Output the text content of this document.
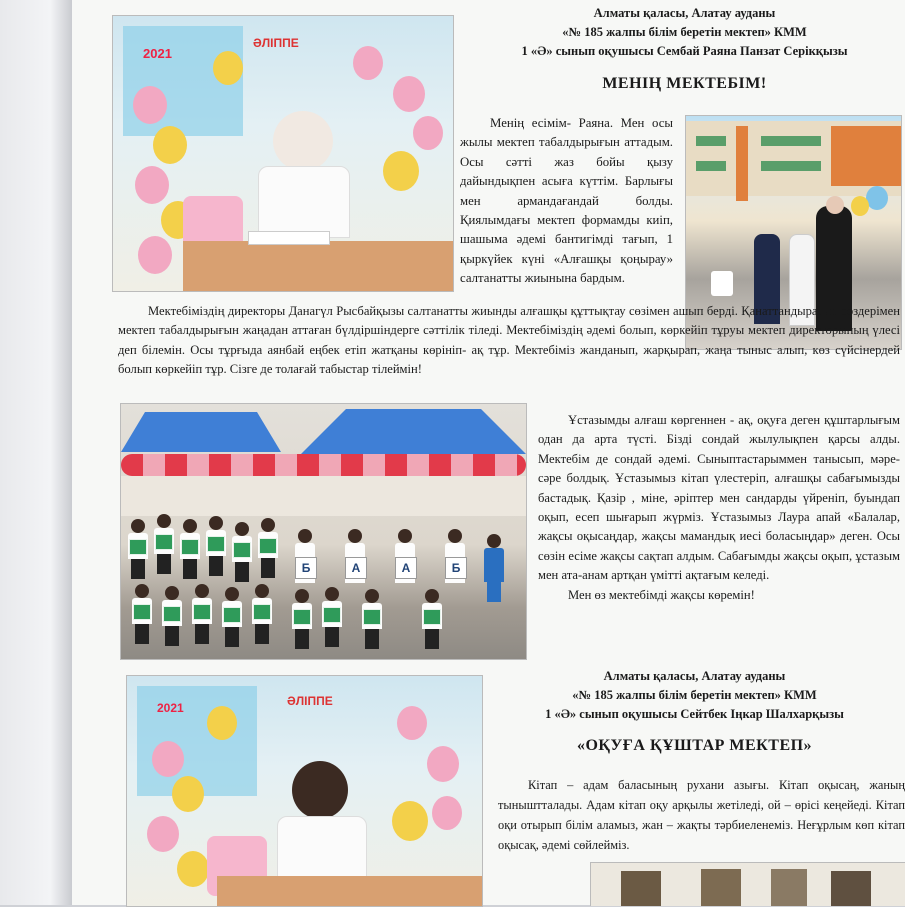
2021
ӘЛІППЕ
Алматы қаласы, Алатау ауданы
«№ 185 жалпы білім беретін мектеп» КММ
1 «Ә» сынып оқушысы Сембай Раяна Панзат Серікқызы
МЕНІҢ МЕКТЕБІМ!

Менің есімім- Раяна. Мен осы жылы мектеп табалдырығын аттадым. Осы сәтті жаз бойы қызу дайындықпен асыға күттім. Барлығы мен армандағандай болды. Қиялымдағы мектеп формамды киіп, шашыма әдемі бантигімді тағып, 1 қыркүйек күні «Алғашқы қоңырау» салтанатты жиынына бардым.

Мектебіміздің директоры Данагүл Рысбайқызы салтанатты жиынды алғашқы құттықтау сөзімен ашып берді. Қанаттандыратын сөздерімен мектеп табалдырығын жаңадан аттаған бүлдіршіндерге сәттілік тіледі. Мектебіміздің әдемі болып, көркейіп тұруы мектеп директорының үлесі деп білемін. Осы тұрғыда аянбай еңбек етіп жатқаны көрініп- ақ тұр. Мектебіміз жанданып, жарқырап, жаңа тыныс алып, көз сүйсінердей болып көркейіп тұр. Сізге де толағай табыстар тілеймін!

Б	А	А	Б

Ұстазымды алғаш көргеннен - ақ, оқуға деген құштарлығым одан да арта түсті. Бізді сондай жылулықпен қарсы алды. Мектебім де сондай әдемі. Сыныптастарыммен танысып, мәре- сәре болдық. Ұстазымыз кітап үлестеріп, алғашқы сабағымызды бастадық. Қазір , міне, әріптер мен сандарды үйреніп, буындап оқып, есеп шығарып жүрміз. Ұстазымыз Лаура апай «Балалар, жақсы оқысаңдар, жақсы мамандық иесі боласыңдар» деген. Осы сөзін есіме жақсы сақтап алдым. Сабағымды жақсы оқып, ұстазым мен ата-анам артқан үмітті ақтағым келеді.

Мен өз мектебімді жақсы көремін!

2021	ӘЛІППЕ
Алматы қаласы, Алатау ауданы
«№ 185 жалпы білім беретін мектеп» КММ
1 «Ә» сынып оқушысы Сейтбек Іңкар Шалхарқызы
«ОҚУҒА ҚҰШТАР МЕКТЕП»

Кітап – адам баласының рухани азығы. Кітап оқысаң, жаның тыныштталады. Адам кітап оқу арқылы жетіледі, ой – өрісі кеңейеді. Кітап оқи отырып білім аламыз, жан – жақты тәрбиеленеміз. Неғұрлым көп кітап оқысақ, әдемі сөйлейміз.
